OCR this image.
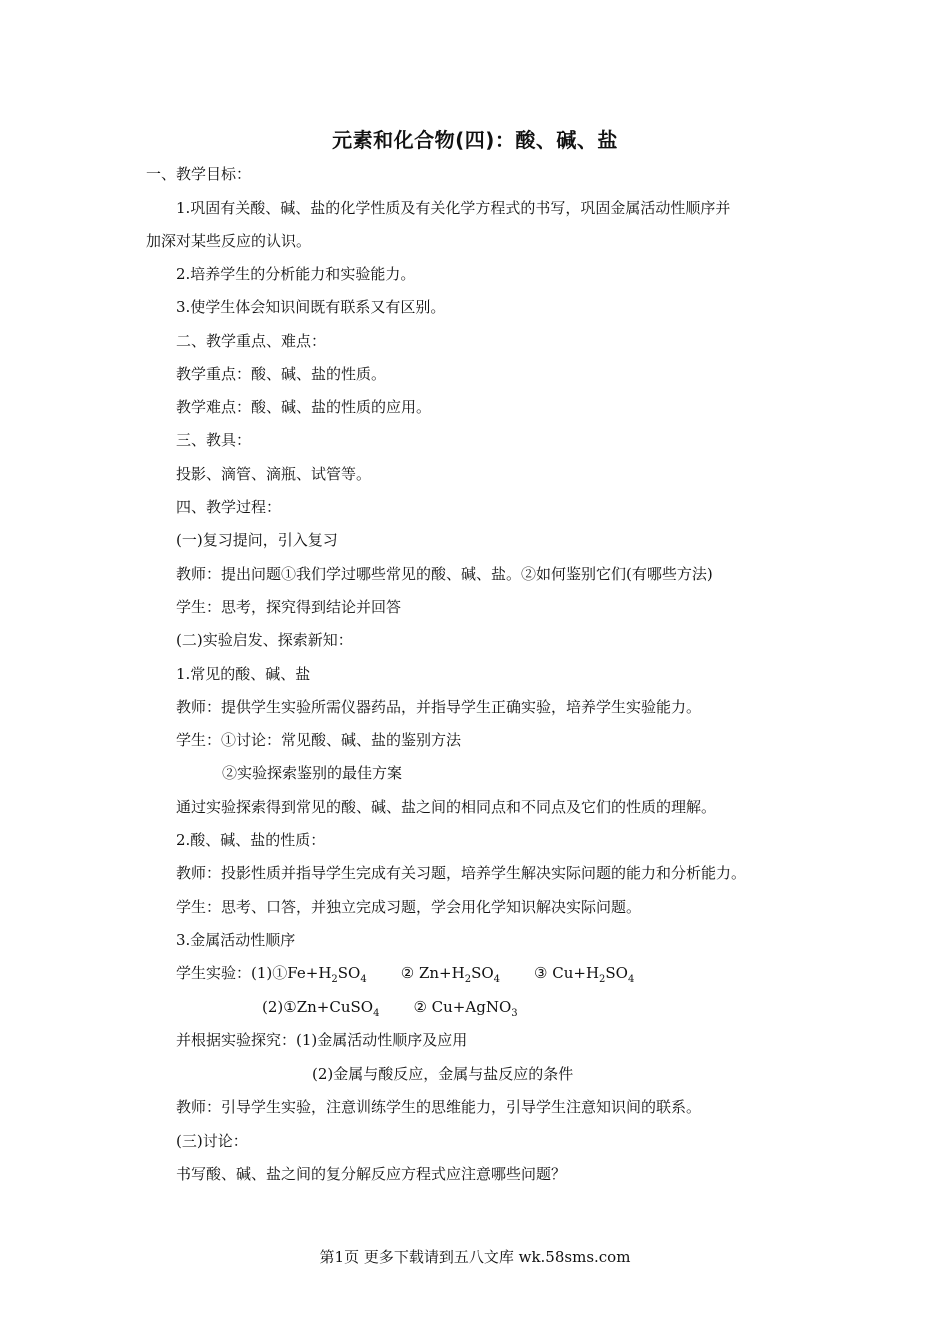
元素和化合物(四)：酸、碱、盐
一、教学目标：
1.巩固有关酸、碱、盐的化学性质及有关化学方程式的书写，巩固金属活动性顺序并
加深对某些反应的认识。
2.培养学生的分析能力和实验能力。
3.使学生体会知识间既有联系又有区别。
二、教学重点、难点：
教学重点：酸、碱、盐的性质。
教学难点：酸、碱、盐的性质的应用。
三、教具：
投影、滴管、滴瓶、试管等。
四、教学过程：
(一)复习提问，引入复习
教师：提出问题①我们学过哪些常见的酸、碱、盐。②如何鉴别它们(有哪些方法)
学生：思考，探究得到结论并回答
(二)实验启发、探索新知：
1.常见的酸、碱、盐
教师：提供学生实验所需仪器药品，并指导学生正确实验，培养学生实验能力。
学生：①讨论：常见酸、碱、盐的鉴别方法
②实验探索鉴别的最佳方案
通过实验探索得到常见的酸、碱、盐之间的相同点和不同点及它们的性质的理解。
2.酸、碱、盐的性质：
教师：投影性质并指导学生完成有关习题，培养学生解决实际问题的能力和分析能力。
学生：思考、口答，并独立完成习题，学会用化学知识解决实际问题。
3.金属活动性顺序
学生实验：$(1)①Fe+H_2SO_4$ ② $Zn+H_2SO_4$ ③ $Cu+H_2SO_4$
(2)①Zn+CuSO$_4$ ② Cu+AgNO$_3$
并根据实验探究：(1)金属活动性顺序及应用
(2)金属与酸反应，金属与盐反应的条件
教师：引导学生实验，注意训练学生的思维能力，引导学生注意知识间的联系。
(三)讨论：
书写酸、碱、盐之间的复分解反应方程式应注意哪些问题？
第1页 更多下载请到五八文库 wk.58sms.com
